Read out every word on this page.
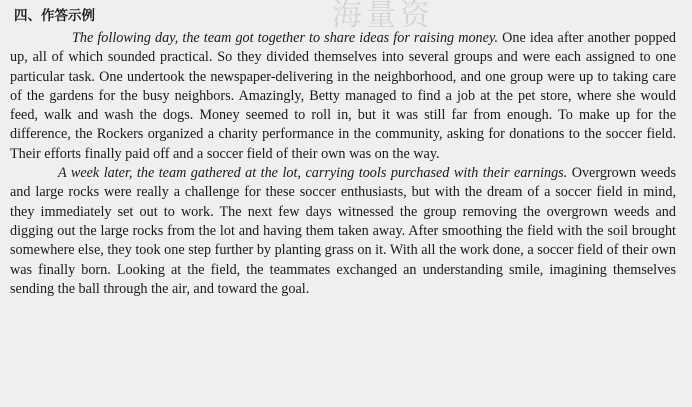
海量资
四、作答示例

The following day, the team got together to share ideas for raising money. One idea after another popped up, all of which sounded practical. So they divided themselves into several groups and were each assigned to one particular task. One undertook the newspaper-delivering in the neighborhood, and one group were up to taking care of the gardens for the busy neighbors. Amazingly, Betty managed to find a job at the pet store, where she would feed, walk and wash the dogs. Money seemed to roll in, but it was still far from enough. To make up for the difference, the Rockers organized a charity performance in the community, asking for donations to the soccer field. Their efforts finally paid off and a soccer field of their own was on the way.

A week later, the team gathered at the lot, carrying tools purchased with their earnings. Overgrown weeds and large rocks were really a challenge for these soccer enthusiasts, but with the dream of a soccer field in mind, they immediately set out to work. The next few days witnessed the group removing the overgrown weeds and digging out the large rocks from the lot and having them taken away. After smoothing the field with the soil brought somewhere else, they took one step further by planting grass on it. With all the work done, a soccer field of their own was finally born. Looking at the field, the teammates exchanged an understanding smile, imagining themselves sending the ball through the air, and toward the goal.
